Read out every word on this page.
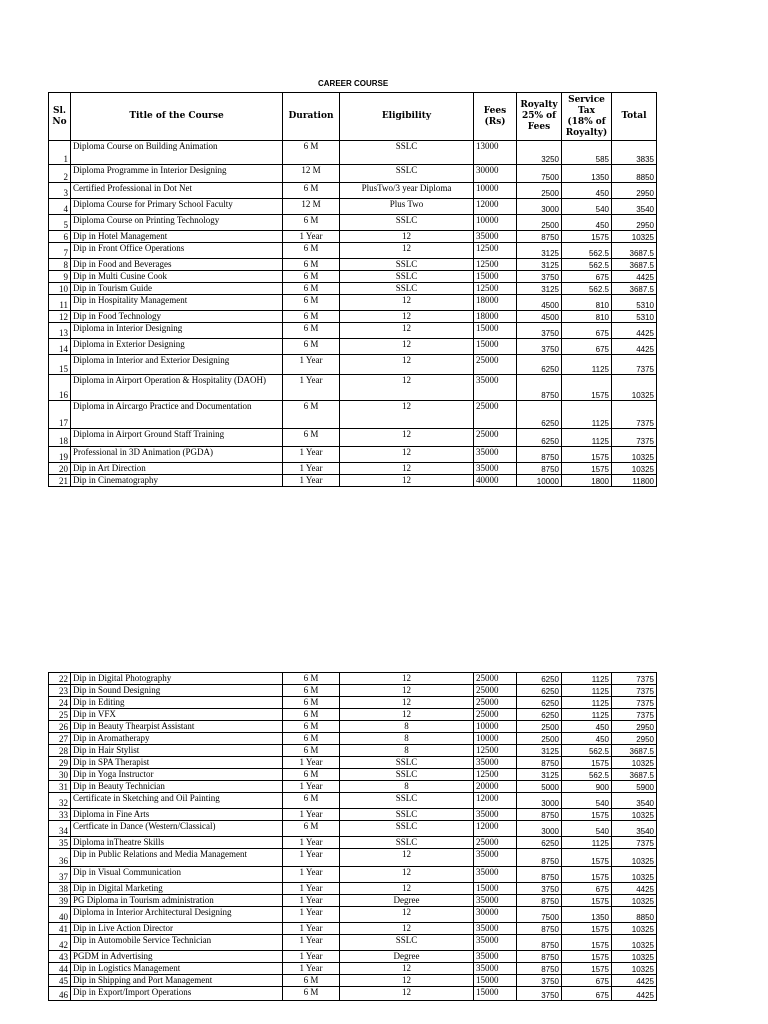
CAREER COURSE
Sl. No	Title of the Course	Duration	Eligibility	Fees (Rs)	Royalty 25% of Fees	Service Tax (18% of Royalty)	Total
1	Diploma Course on Building Animation	6 M	SSLC	13000	3250	585	3835
2	Diploma Programme in Interior Designing	12 M	SSLC	30000	7500	1350	8850
3	Certified Professional in Dot Net	6 M	PlusTwo/3 year Diploma	10000	2500	450	2950
4	Diploma Course for Primary School Faculty	12 M	Plus Two	12000	3000	540	3540
5	Diploma Course on Printing Technology	6 M	SSLC	10000	2500	450	2950
6	Dip in Hotel Management	1 Year	12	35000	8750	1575	10325
7	Dip in Front Office Operations	6 M	12	12500	3125	562.5	3687.5
8	Dip in Food and Beverages	6 M	SSLC	12500	3125	562.5	3687.5
9	Dip in Multi Cusine Cook	6 M	SSLC	15000	3750	675	4425
10	Dip in Tourism Guide	6 M	SSLC	12500	3125	562.5	3687.5
11	Dip in Hospitality Management	6 M	12	18000	4500	810	5310
12	Dip in Food Technology	6 M	12	18000	4500	810	5310
13	Diploma in Interior Designing	6 M	12	15000	3750	675	4425
14	Diploma in Exterior Designing	6 M	12	15000	3750	675	4425
15	Diploma in Interior and Exterior Designing	1 Year	12	25000	6250	1125	7375
16	Diploma in Airport Operation & Hospitality (DAOH)	1 Year	12	35000	8750	1575	10325
17	Diploma in Aircargo Practice and Documentation	6 M	12	25000	6250	1125	7375
18	Diploma in Airport Ground Staff Training	6 M	12	25000	6250	1125	7375
19	Professional in 3D Animation (PGDA)	1 Year	12	35000	8750	1575	10325
20	Dip in Art Direction	1 Year	12	35000	8750	1575	10325
21	Dip in Cinematography	1 Year	12	40000	10000	1800	11800
22	Dip in Digital Photography	6 M	12	25000	6250	1125	7375
23	Dip in Sound Designing	6 M	12	25000	6250	1125	7375
24	Dip in Editing	6 M	12	25000	6250	1125	7375
25	Dip in VFX	6 M	12	25000	6250	1125	7375
26	Dip in Beauty Thearpist Assistant	6 M	8	10000	2500	450	2950
27	Dip in Aromatherapy	6 M	8	10000	2500	450	2950
28	Dip in Hair Stylist	6 M	8	12500	3125	562.5	3687.5
29	Dip in SPA Therapist	1 Year	SSLC	35000	8750	1575	10325
30	Dip in Yoga Instructor	6 M	SSLC	12500	3125	562.5	3687.5
31	Dip in Beauty Technician	1 Year	8	20000	5000	900	5900
32	Certificate in Sketching and Oil Painting	6 M	SSLC	12000	3000	540	3540
33	Diploma in Fine Arts	1 Year	SSLC	35000	8750	1575	10325
34	Certficate in Dance (Western/Classical)	6 M	SSLC	12000	3000	540	3540
35	Diploma inTheatre Skills	1 Year	SSLC	25000	6250	1125	7375
36	Dip in Public Relations and Media Management	1 Year	12	35000	8750	1575	10325
37	Dip in Visual Communication	1 Year	12	35000	8750	1575	10325
38	Dip in Digital Marketing	1 Year	12	15000	3750	675	4425
39	PG Diploma in Tourism administration	1 Year	Degree	35000	8750	1575	10325
40	Diploma in Interior Architectural Designing	1 Year	12	30000	7500	1350	8850
41	Dip in Live Action Director	1 Year	12	35000	8750	1575	10325
42	Dip in Automobile Service Technician	1 Year	SSLC	35000	8750	1575	10325
43	PGDM in Advertising	1 Year	Degree	35000	8750	1575	10325
44	Dip in Logistics Management	1 Year	12	35000	8750	1575	10325
45	Dip in Shipping and Port Management	6 M	12	15000	3750	675	4425
46	Dip in Export/Import Operations	6 M	12	15000	3750	675	4425
